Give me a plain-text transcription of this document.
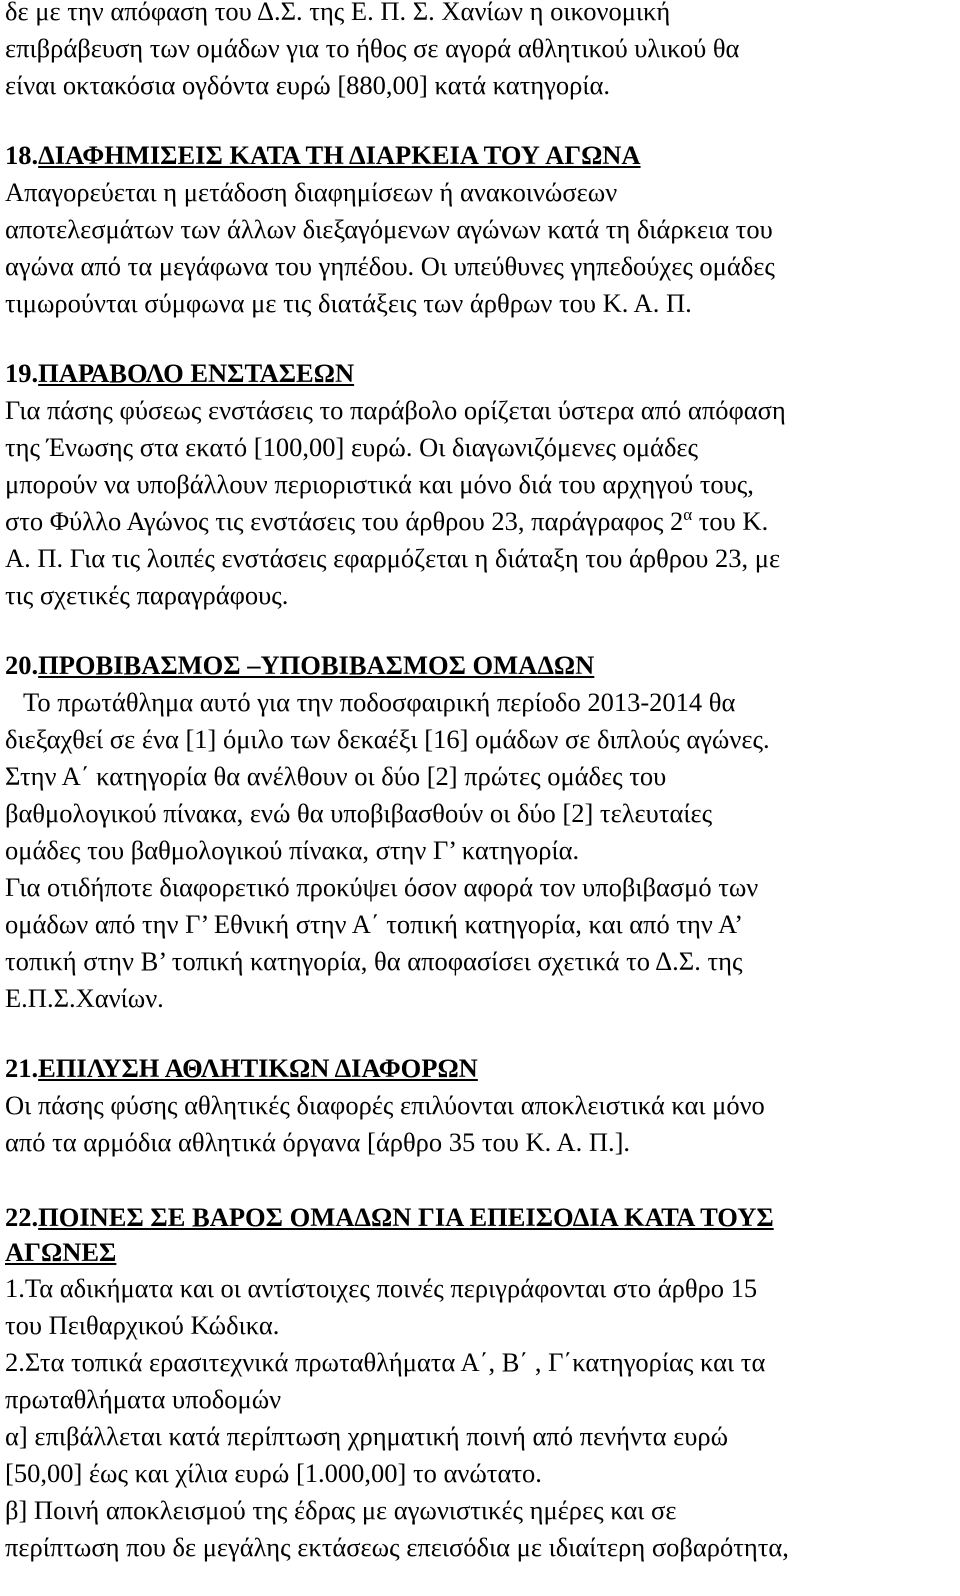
δε με την απόφαση του Δ.Σ. της Ε. Π. Σ. Χανίων η οικονομική
επιβράβευση των ομάδων για το ήθος σε αγορά αθλητικού υλικού θα
είναι οκτακόσια ογδόντα ευρώ [880,00] κατά κατηγορία.
18.ΔΙΑΦΗΜΙΣΕΙΣ ΚΑΤΑ ΤΗ ΔΙΑΡΚΕΙΑ ΤΟΥ ΑΓΩΝΑ
Απαγορεύεται η μετάδοση διαφημίσεων ή ανακοινώσεων
αποτελεσμάτων των άλλων διεξαγόμενων αγώνων κατά τη διάρκεια του
αγώνα από τα μεγάφωνα του γηπέδου. Οι υπεύθυνες γηπεδούχες ομάδες
τιμωρούνται σύμφωνα με τις διατάξεις των άρθρων του Κ. Α. Π.
19.ΠΑΡΑΒΟΛΟ ΕΝΣΤΑΣΕΩΝ
Για πάσης φύσεως ενστάσεις το παράβολο ορίζεται ύστερα από απόφαση
της Ένωσης στα εκατό [100,00] ευρώ. Οι διαγωνιζόμενες ομάδες
μπορούν να υποβάλλουν περιοριστικά και μόνο διά του αρχηγού τους,
στο Φύλλο Αγώνος τις ενστάσεις του άρθρου 23, παράγραφος $2^\alpha$ του Κ.
Α. Π. Για τις λοιπές ενστάσεις εφαρμόζεται η διάταξη του άρθρου 23, με
τις σχετικές παραγράφους.
20.ΠΡΟΒΙΒΑΣΜΟΣ –ΥΠΟΒΙΒΑΣΜΟΣ ΟΜΑΔΩΝ
Το πρωτάθλημα αυτό για την ποδοσφαιρική περίοδο 2013-2014 θα
διεξαχθεί σε ένα [1] όμιλο των δεκαέξι [16] ομάδων σε διπλούς αγώνες.
Στην Α΄ κατηγορία θα ανέλθουν οι δύο [2] πρώτες ομάδες του
βαθμολογικού πίνακα, ενώ θα υποβιβασθούν οι δύο [2] τελευταίες
ομάδες του βαθμολογικού πίνακα, στην Γ’ κατηγορία.
Για οτιδήποτε διαφορετικό προκύψει όσον αφορά τον υποβιβασμό των
ομάδων από την Γ’ Εθνική στην Α΄ τοπική κατηγορία, και από την Α’
τοπική στην Β’ τοπική κατηγορία, θα αποφασίσει σχετικά το Δ.Σ. της
Ε.Π.Σ.Χανίων.
21.ΕΠΙΛΥΣΗ ΑΘΛΗΤΙΚΩΝ ΔΙΑΦΟΡΩΝ
Οι πάσης φύσης αθλητικές διαφορές επιλύονται αποκλειστικά και μόνο
από τα αρμόδια αθλητικά όργανα [άρθρο 35 του Κ. Α. Π.].
22.ΠΟΙΝΕΣ ΣΕ ΒΑΡΟΣ ΟΜΑΔΩΝ ΓΙΑ ΕΠΕΙΣΟΔΙΑ ΚΑΤΑ ΤΟΥΣ
ΑΓΩΝΕΣ
1.Τα αδικήματα και οι αντίστοιχες ποινές περιγράφονται στο άρθρο 15
του Πειθαρχικού Κώδικα.
2.Στα τοπικά ερασιτεχνικά πρωταθλήματα Α΄, Β΄ , Γ΄κατηγορίας και τα
πρωταθλήματα υποδομών
α] επιβάλλεται κατά περίπτωση χρηματική ποινή από πενήντα ευρώ
[50,00] έως και χίλια ευρώ [1.000,00] το ανώτατο.
β] Ποινή αποκλεισμού της έδρας με αγωνιστικές ημέρες και σε
περίπτωση που δε μεγάλης εκτάσεως επεισόδια με ιδιαίτερη σοβαρότητα,
